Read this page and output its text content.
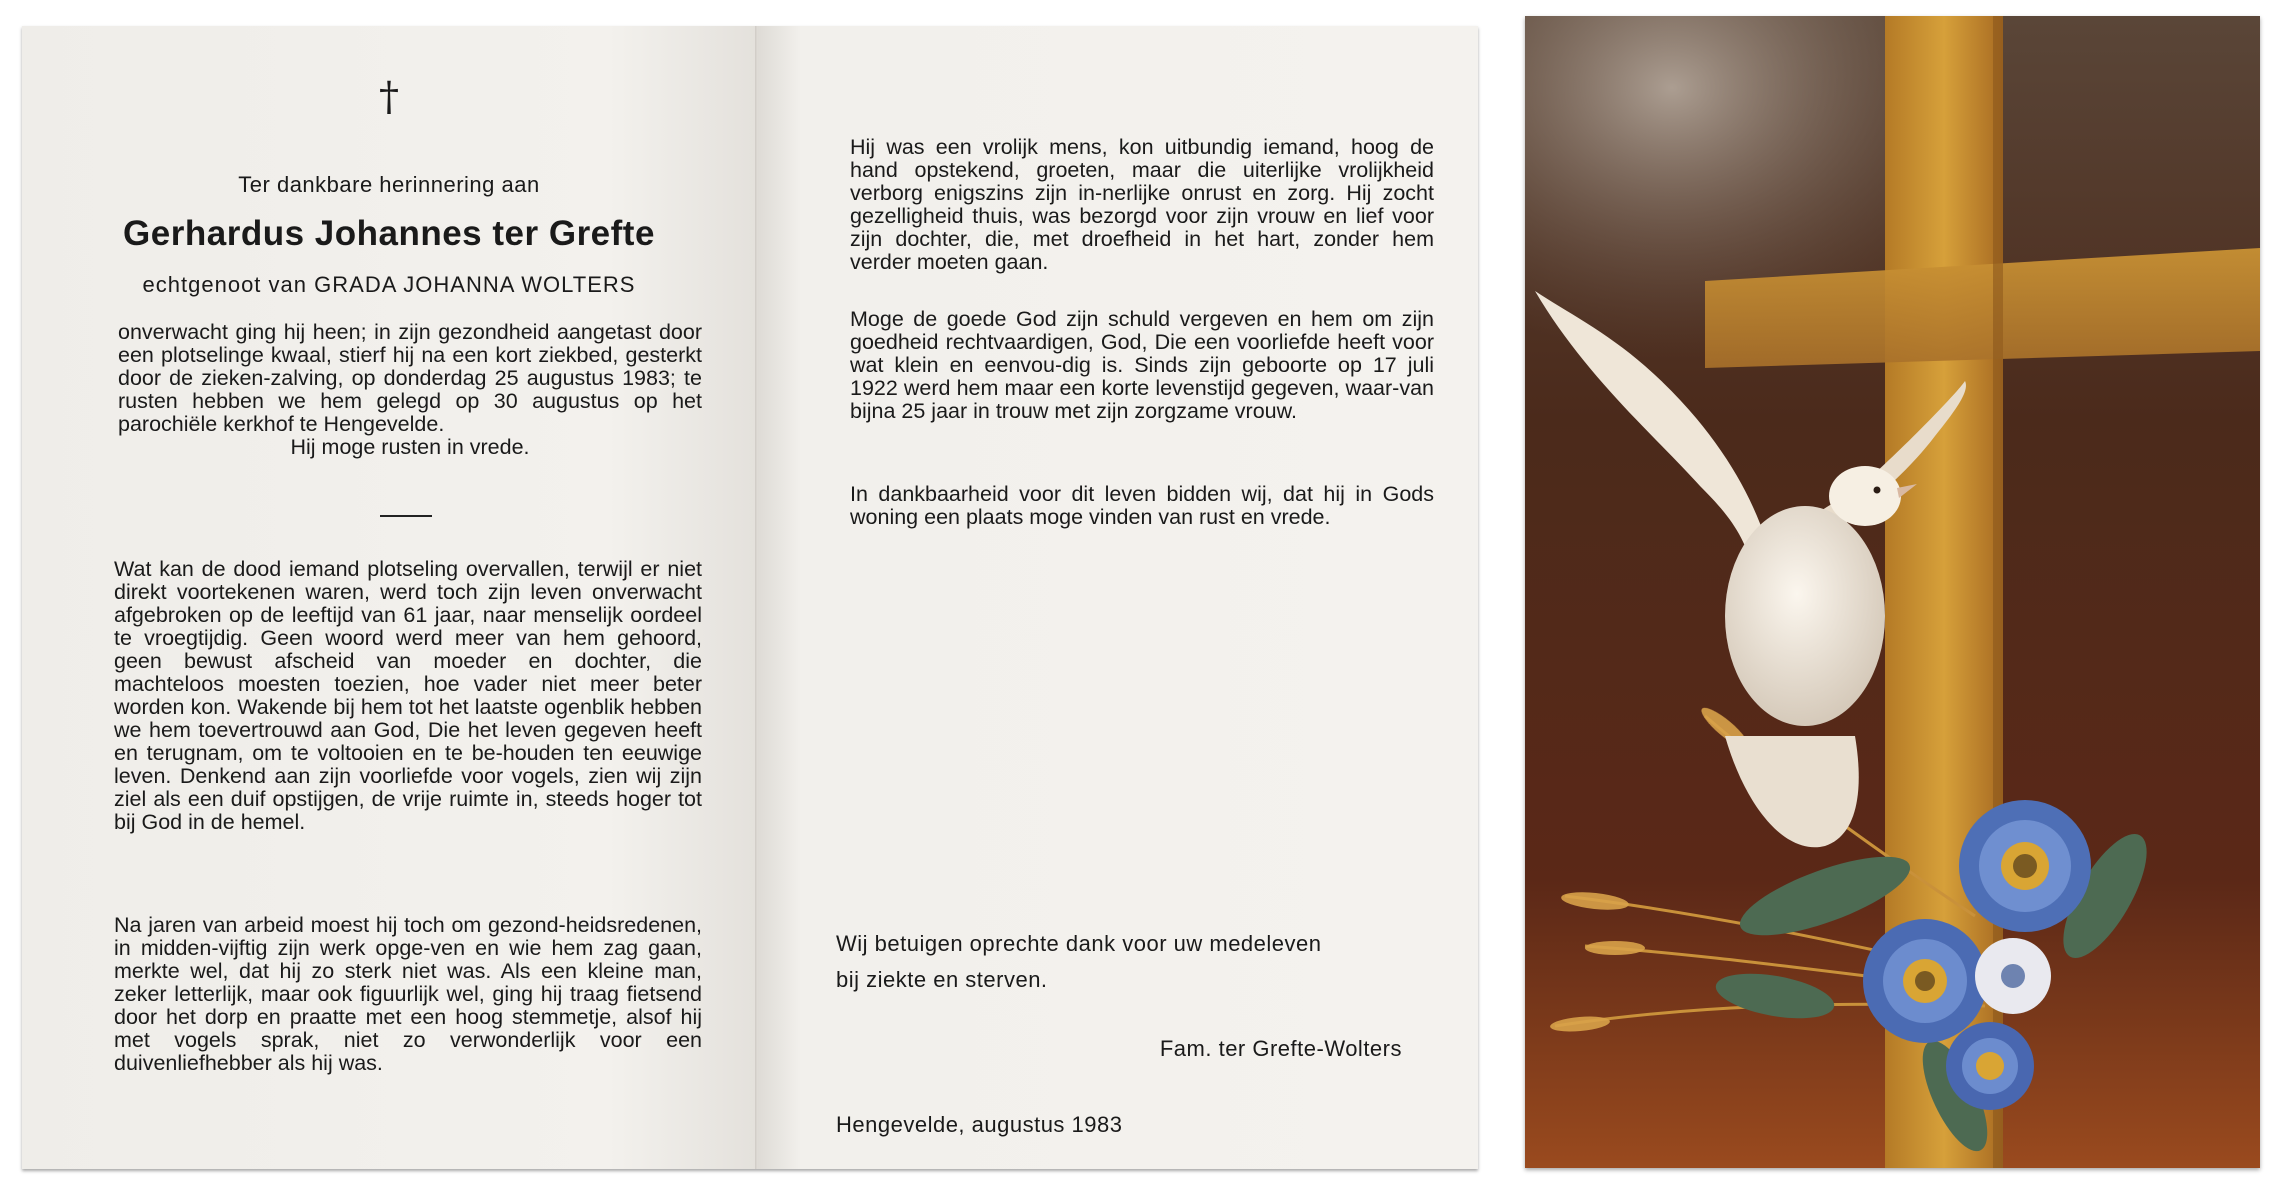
†
Ter dankbare herinnering aan
Gerhardus Johannes ter Grefte
echtgenoot van GRADA JOHANNA WOLTERS
onverwacht ging hij heen; in zijn gezondheid aangetast door een plotselinge kwaal, stierf hij na een kort ziekbed, gesterkt door de zieken-zalving, op donderdag 25 augustus 1983; te rusten hebben we hem gelegd op 30 augustus op het parochiële kerkhof te Hengevelde.
Hij moge rusten in vrede.
Wat kan de dood iemand plotseling overvallen, terwijl er niet direkt voortekenen waren, werd toch zijn leven onverwacht afgebroken op de leeftijd van 61 jaar, naar menselijk oordeel te vroegtijdig. Geen woord werd meer van hem gehoord, geen bewust afscheid van moeder en dochter, die machteloos moesten toezien, hoe vader niet meer beter worden kon. Wakende bij hem tot het laatste ogenblik hebben we hem toevertrouwd aan God, Die het leven gegeven heeft en terugnam, om te voltooien en te be-houden ten eeuwige leven. Denkend aan zijn voorliefde voor vogels, zien wij zijn ziel als een duif opstijgen, de vrije ruimte in, steeds hoger tot bij God in de hemel.
Na jaren van arbeid moest hij toch om gezond-heidsredenen, in midden-vijftig zijn werk opge-ven en wie hem zag gaan, merkte wel, dat hij zo sterk niet was. Als een kleine man, zeker letterlijk, maar ook figuurlijk wel, ging hij traag fietsend door het dorp en praatte met een hoog stemmetje, alsof hij met vogels sprak, niet zo verwonderlijk voor een duivenliefhebber als hij was.
Hij was een vrolijk mens, kon uitbundig iemand, hoog de hand opstekend, groeten, maar die uiterlijke vrolijkheid verborg enigszins zijn in-nerlijke onrust en zorg. Hij zocht gezelligheid thuis, was bezorgd voor zijn vrouw en lief voor zijn dochter, die, met droefheid in het hart, zonder hem verder moeten gaan.
Moge de goede God zijn schuld vergeven en hem om zijn goedheid rechtvaardigen, God, Die een voorliefde heeft voor wat klein en eenvou-dig is. Sinds zijn geboorte op 17 juli 1922 werd hem maar een korte levenstijd gegeven, waar-van bijna 25 jaar in trouw met zijn zorgzame vrouw.
In dankbaarheid voor dit leven bidden wij, dat hij in Gods woning een plaats moge vinden van rust en vrede.
Wij betuigen oprechte dank voor uw medeleven
bij ziekte en sterven.
Fam. ter Grefte-Wolters
Hengevelde, augustus 1983
